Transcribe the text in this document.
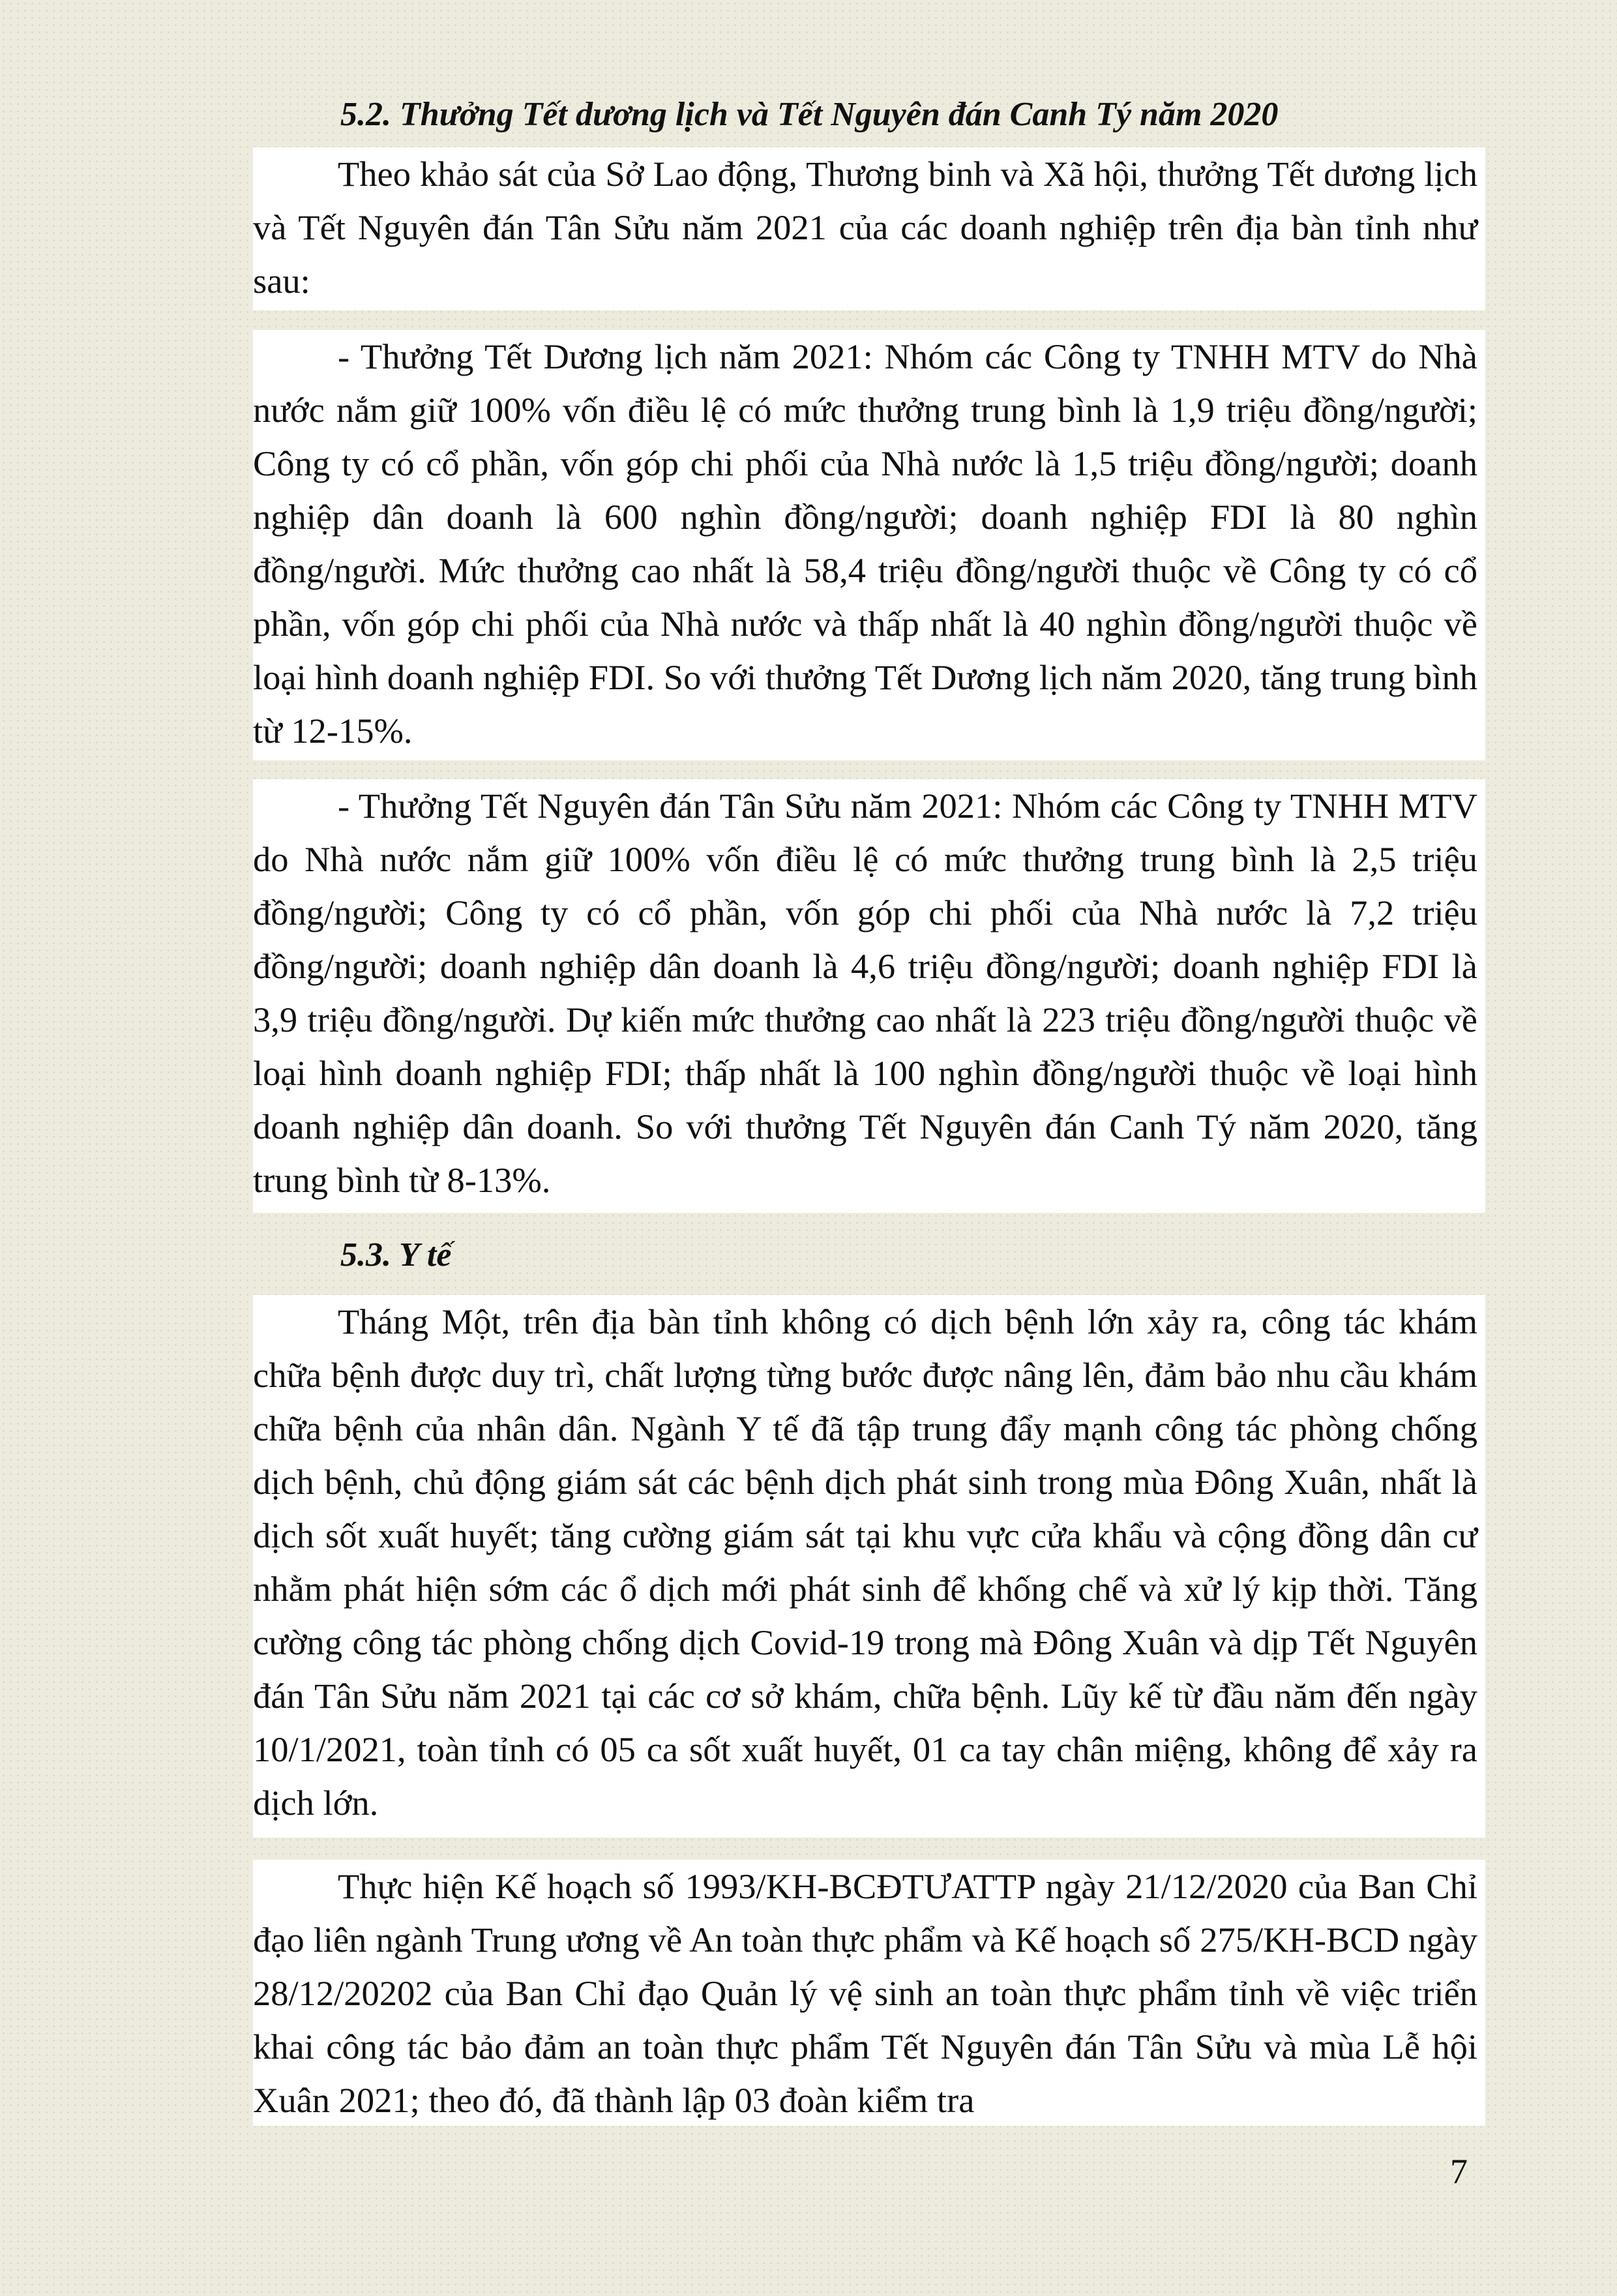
5.2. Thưởng Tết dương lịch và Tết Nguyên đán Canh Tý năm 2020

Theo khảo sát của Sở Lao động, Thương binh và Xã hội, thưởng Tết dương lịch và Tết Nguyên đán Tân Sửu năm 2021 của các doanh nghiệp trên địa bàn tỉnh như sau:

- Thưởng Tết Dương lịch năm 2021: Nhóm các Công ty TNHH MTV do Nhà nước nắm giữ 100% vốn điều lệ có mức thưởng trung bình là 1,9 triệu đồng/người; Công ty có cổ phần, vốn góp chi phối của Nhà nước là 1,5 triệu đồng/người; doanh nghiệp dân doanh là 600 nghìn đồng/người; doanh nghiệp FDI là 80 nghìn đồng/người. Mức thưởng cao nhất là 58,4 triệu đồng/người thuộc về Công ty có cổ phần, vốn góp chi phối của Nhà nước và thấp nhất là 40 nghìn đồng/người thuộc về loại hình doanh nghiệp FDI. So với thưởng Tết Dương lịch năm 2020, tăng trung bình từ 12-15%.

- Thưởng Tết Nguyên đán Tân Sửu năm 2021: Nhóm các Công ty TNHH MTV do Nhà nước nắm giữ 100% vốn điều lệ có mức thưởng trung bình là 2,5 triệu đồng/người; Công ty có cổ phần, vốn góp chi phối của Nhà nước là 7,2 triệu đồng/người; doanh nghiệp dân doanh là 4,6 triệu đồng/người; doanh nghiệp FDI là 3,9 triệu đồng/người. Dự kiến mức thưởng cao nhất là 223 triệu đồng/người thuộc về loại hình doanh nghiệp FDI; thấp nhất là 100 nghìn đồng/người thuộc về loại hình doanh nghiệp dân doanh. So với thưởng Tết Nguyên đán Canh Tý năm 2020, tăng trung bình từ 8-13%.

5.3. Y tế

Tháng Một, trên địa bàn tỉnh không có dịch bệnh lớn xảy ra, công tác khám chữa bệnh được duy trì, chất lượng từng bước được nâng lên, đảm bảo nhu cầu khám chữa bệnh của nhân dân. Ngành Y tế đã tập trung đẩy mạnh công tác phòng chống dịch bệnh, chủ động giám sát các bệnh dịch phát sinh trong mùa Đông Xuân, nhất là dịch sốt xuất huyết; tăng cường giám sát tại khu vực cửa khẩu và cộng đồng dân cư nhằm phát hiện sớm các ổ dịch mới phát sinh để khống chế và xử lý kịp thời. Tăng cường công tác phòng chống dịch Covid-19 trong mà Đông Xuân và dịp Tết Nguyên đán Tân Sửu năm 2021 tại các cơ sở khám, chữa bệnh. Lũy kế từ đầu năm đến ngày 10/1/2021, toàn tỉnh có 05 ca sốt xuất huyết, 01 ca tay chân miệng, không để xảy ra dịch lớn.

Thực hiện Kế hoạch số 1993/KH-BCĐTƯATTP ngày 21/12/2020 của Ban Chỉ đạo liên ngành Trung ương về An toàn thực phẩm và Kế hoạch số 275/KH-BCD ngày 28/12/20202 của Ban Chỉ đạo Quản lý vệ sinh an toàn thực phẩm tỉnh về việc triển khai công tác bảo đảm an toàn thực phẩm Tết Nguyên đán Tân Sửu và mùa Lễ hội Xuân 2021; theo đó, đã thành lập 03 đoàn kiểm tra

7
